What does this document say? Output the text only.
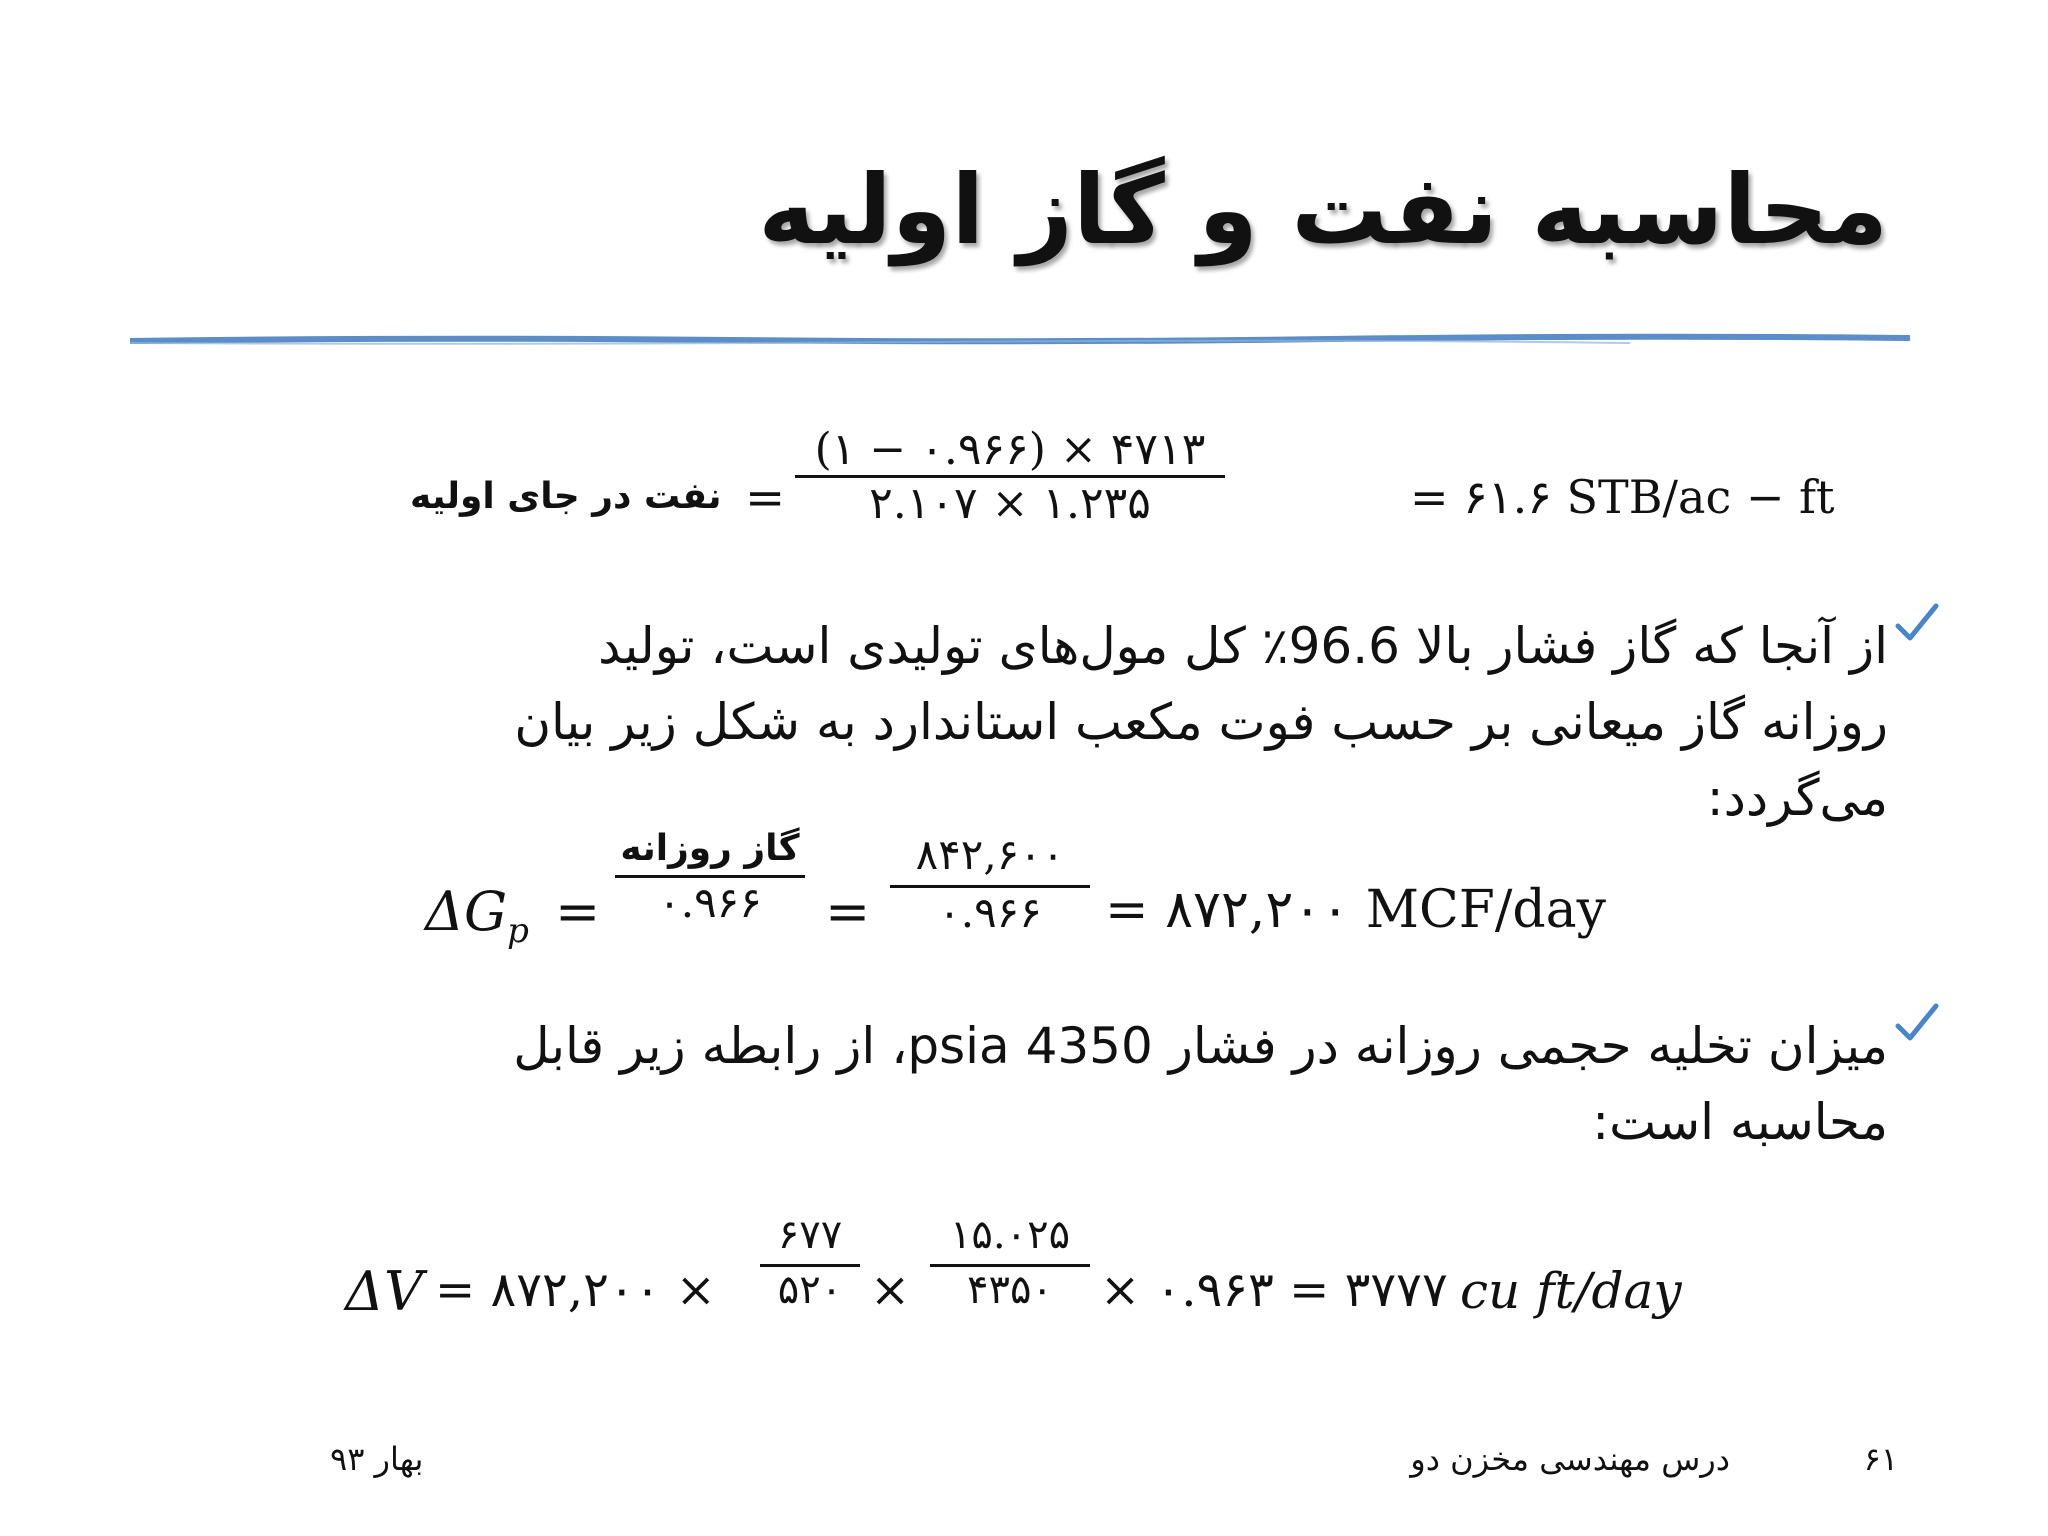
محاسبه نفت و گاز اولیه
= ۶۱.۶ STB/ac − ft
(۱ − ۰.۹۶۶) × ۴۷۱۳
۲.۱۰۷ × ۱.۲۳۵
=
نفت در جای اولیه
از آنجا که گاز فشار بالا 96.6٪ کل مول‌های تولیدی است، تولید
روزانه گاز میعانی بر حسب فوت مکعب استاندارد به شکل زیر بیان
می‌گردد:
$\Delta G_p$ =
گاز روزانه
۰.۹۶۶	=
۸۴۲,۶۰۰
۰.۹۶۶	= ۸۷۲,۲۰۰ MCF/day
میزان تخلیه حجمی روزانه در فشار 4350 psia، از رابطه زیر قابل
محاسبه است:
ΔV = ۸۷۲,۲۰۰ ×
۶۷۷
۵۲۰ ×
۱۵.۰۲۵
۴۳۵۰ × ۰.۹۶۳ = ۳۷۷۷ cu ft/day
۶۱
درس مهندسی مخزن دو
بهار ۹۳
